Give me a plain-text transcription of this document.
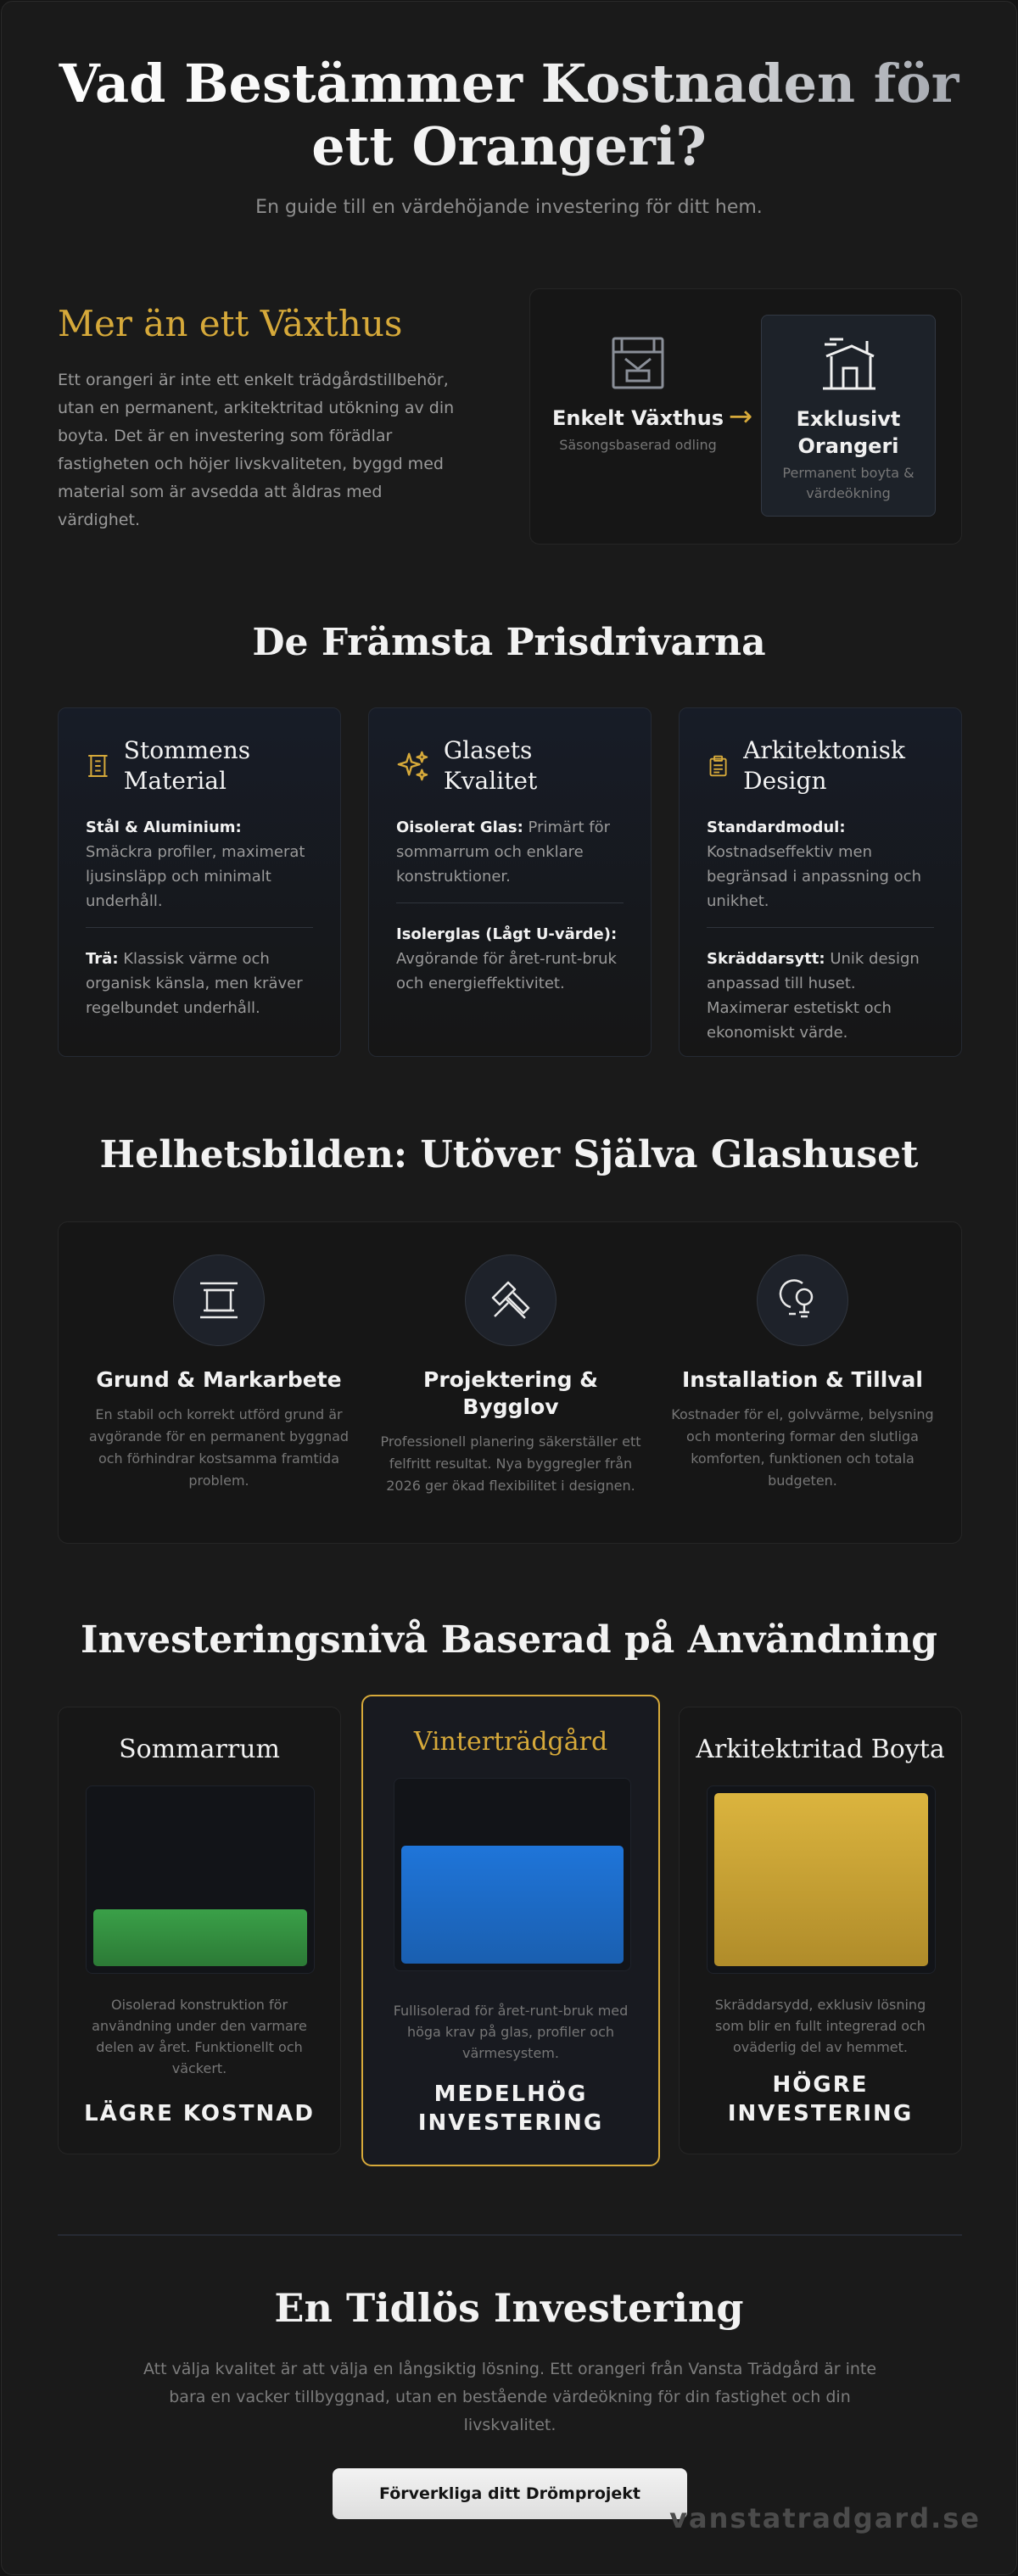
Vad Bestämmer Kostnaden för ett Orangeri?

En guide till en värdehöjande investering för ditt hem.

Mer än ett Växthus

Ett orangeri är inte ett enkelt trädgårdstillbehör, utan en permanent, arkitektritad utökning av din boyta. Det är en investering som förädlar fastigheten och höjer livskvaliteten, byggd med material som är avsedda att åldras med värdighet.

Enkelt Växthus
Säsongsbaserad odling
→	Exklusivt Orangeri
Permanent boyta & värdeökning
De Främsta Prisdrivarna
Stommens Material
Stål & Aluminium: Smäckra profiler, maximerat ljusinsläpp och minimalt underhåll.
Trä: Klassisk värme och organisk känsla, men kräver regelbundet underhåll.
Glasets Kvalitet
Oisolerat Glas: Primärt för sommarrum och enklare konstruktioner.
Isolerglas (Lågt U-värde): Avgörande för året-runt-bruk och energieffektivitet.
Arkitektonisk Design
Standardmodul: Kostnadseffektiv men begränsad i anpassning och unikhet.
Skräddarsytt: Unik design anpassad till huset. Maximerar estetiskt och ekonomiskt värde.
Helhetsbilden: Utöver Själva Glashuset
Grund & Markarbete
En stabil och korrekt utförd grund är avgörande för en permanent byggnad och förhindrar kostsamma framtida problem.
Projektering & Bygglov
Professionell planering säkerställer ett felfritt resultat. Nya byggregler från 2026 ger ökad flexibilitet i designen.
Installation & Tillval
Kostnader för el, golvvärme, belysning och montering formar den slutliga komforten, funktionen och totala budgeten.
Investeringsnivå Baserad på Användning
Sommarrum
Oisolerad konstruktion för användning under den varmare delen av året. Funktionellt och väckert.
LÄGRE KOSTNAD
Vinterträdgård
Fullisolerad för året-runt-bruk med höga krav på glas, profiler och värmesystem.
MEDELHÖG INVESTERING
Arkitektritad Boyta
Skräddarsydd, exklusiv lösning som blir en fullt integrerad och oväderlig del av hemmet.
HÖGRE INVESTERING
En Tidlös Investering

Att välja kvalitet är att välja en långsiktig lösning. Ett orangeri från Vansta Trädgård är inte bara en vacker tillbyggnad, utan en bestående värdeökning för din fastighet och din livskvalitet.

Förverkliga ditt Drömprojekt
vanstatradgard.se
